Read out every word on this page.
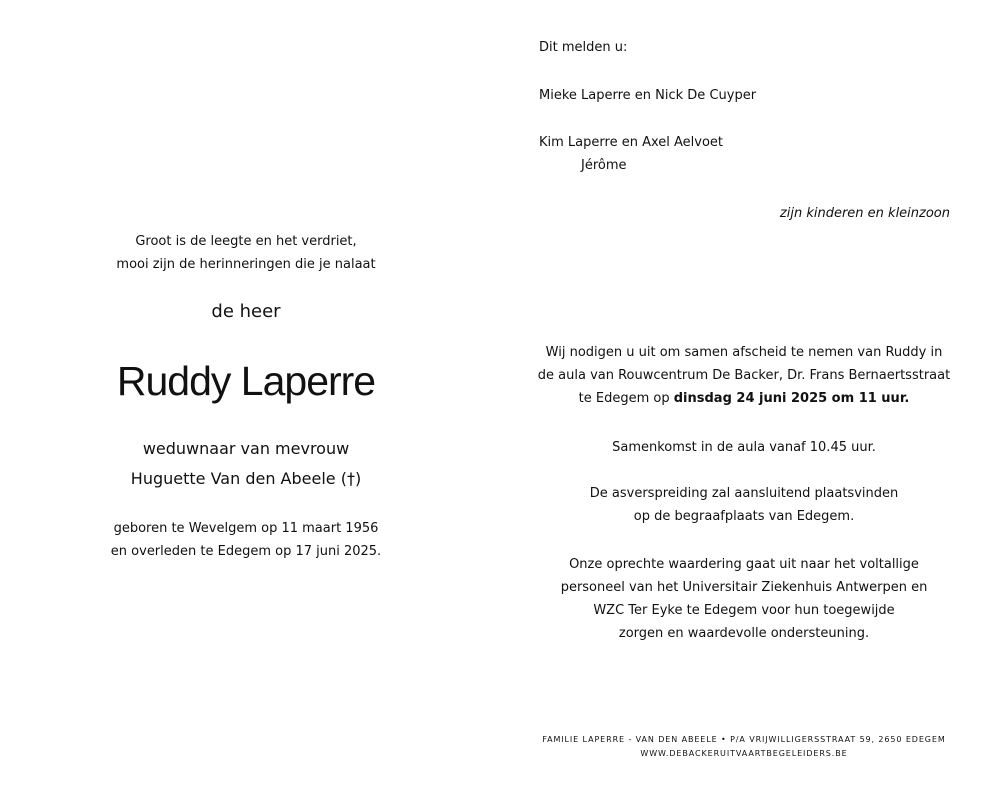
Groot is de leegte en het verdriet,
mooi zijn de herinneringen die je nalaat
de heer
Ruddy Laperre
weduwnaar van mevrouw
Huguette Van den Abeele (†)
geboren te Wevelgem op 11 maart 1956
en overleden te Edegem op 17 juni 2025.
Dit melden u:
Mieke Laperre en Nick De Cuyper
Kim Laperre en Axel Aelvoet
Jérôme
zijn kinderen en kleinzoon
Wij nodigen u uit om samen afscheid te nemen van Ruddy in
de aula van Rouwcentrum De Backer, Dr. Frans Bernaertsstraat
te Edegem op dinsdag 24 juni 2025 om 11 uur.
Samenkomst in de aula vanaf 10.45 uur.
De asverspreiding zal aansluitend plaatsvinden
op de begraafplaats van Edegem.
Onze oprechte waardering gaat uit naar het voltallige
personeel van het Universitair Ziekenhuis Antwerpen en
WZC Ter Eyke te Edegem voor hun toegewijde
zorgen en waardevolle ondersteuning.
FAMILIE LAPERRE - VAN DEN ABEELE • P/A VRIJWILLIGERSSTRAAT 59, 2650 EDEGEM
WWW.DEBACKERUITVAARTBEGELEIDERS.BE
